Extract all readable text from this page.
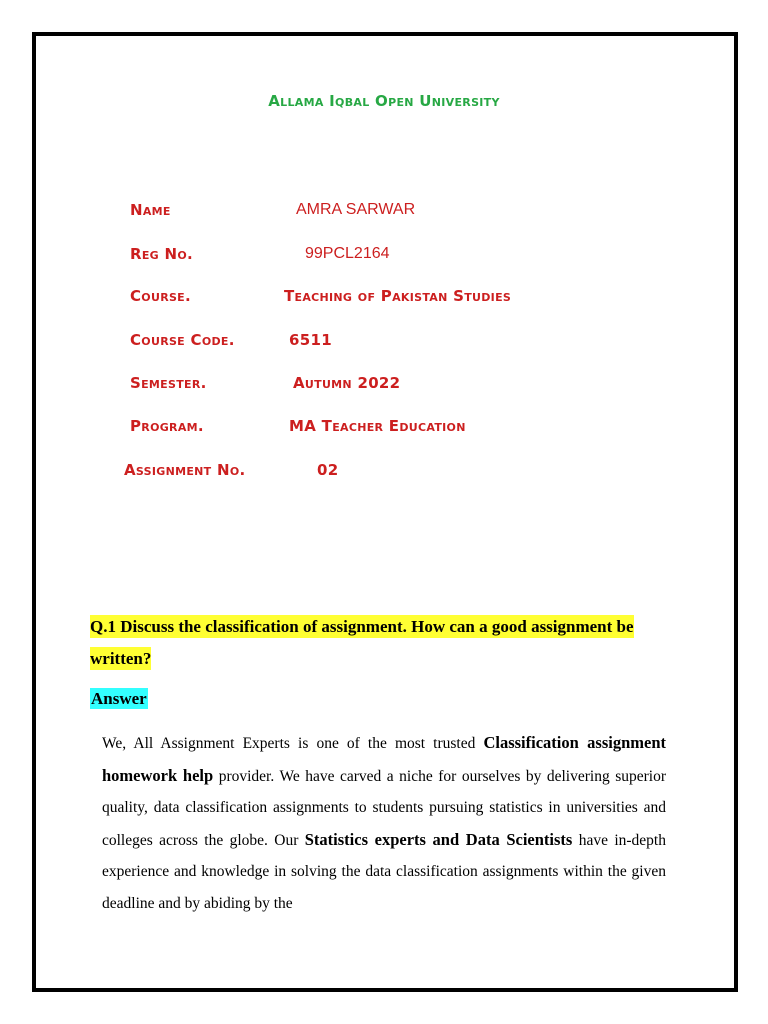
Allama Iqbal Open University
Name	AMRA SARWAR
Reg No.	99PCL2164
Course.	Teaching of Pakistan Studies
Course Code.	6511
Semester.	Autumn 2022
Program.	MA Teacher Education
Assignment No.	02
Q.1 Discuss the classification of assignment. How can a good assignment be written?
Answer
We, All Assignment Experts is one of the most trusted Classification assignment homework help provider. We have carved a niche for ourselves by delivering superior quality, data classification assignments to students pursuing statistics in universities and colleges across the globe. Our Statistics experts and Data Scientists have in-depth experience and knowledge in solving the data classification assignments within the given deadline and by abiding by the
